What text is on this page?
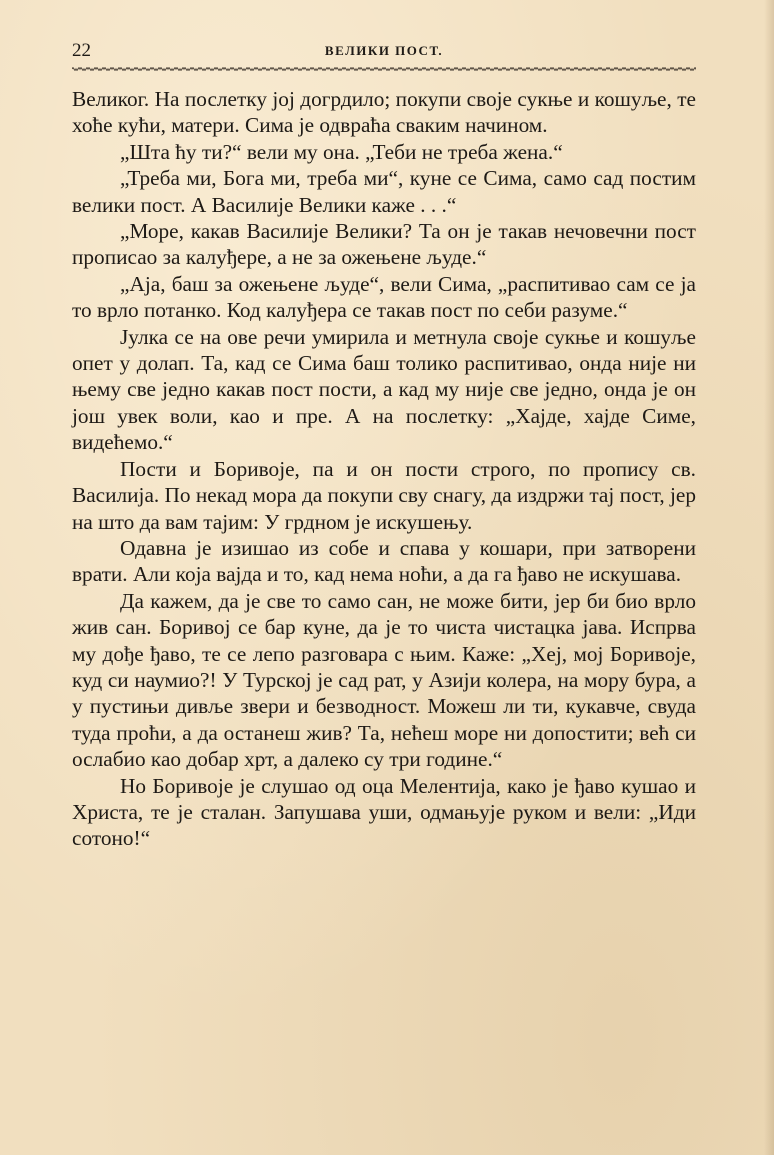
22	ВЕЛИКИ ПОСТ.

Великог. На послетку јој догрдило; покупи своје сукње и кошуље, те хоће кући, матери. Сима је одвраћа сваким начином.

„Шта ћу ти?“ вели му она. „Теби не треба жена.“

„Треба ми, Бога ми, треба ми“, куне се Сима, само сад постим велики пост. А Василије Велики каже . . .“

„Море, какав Василије Велики? Та он је такав нечовечни пост прописао за калуђере, а не за ожењене људе.“

„Аја, баш за ожењене људе“, вели Сима, „распитивао сам се ја то врло потанко. Код калуђера се такав пост по себи разуме.“

Јулка се на ове речи умирила и метнула своје сукње и кошуље опет у долап. Та, кад се Сима баш толико распитивао, онда није ни њему све једно какав пост пости, а кад му није све једно, онда је он још увек воли, као и пре. А на послетку: „Хајде, хајде Симе, видећемо.“

Пости и Боривоје, па и он пости строго, по пропису св. Василија. По некад мора да покупи сву снагу, да издржи тај пост, јер на што да вам тајим: У грдном је искушењу.

Одавна је изишао из собе и спава у кошари, при затворени врати. Али која вајда и то, кад нема ноћи, а да га ђаво не искушава.

Да кажем, да је све то само сан, не може бити, јер би био врло жив сан. Боривој се бар куне, да је то чиста чистацка јава. Испрва му дође ђаво, те се лепо разговара с њим. Каже: „Хеј, мој Боривоје, куд си наумио?! У Турској је сад рат, у Азији колера, на мору бура, а у пустињи дивље звери и безводност. Можеш ли ти, кукавче, свуда туда проћи, а да останеш жив? Та, нећеш море ни допостити; већ си ослабио као добар хрт, а далеко су три године.“

Но Боривоје је слушао од оца Мелентија, како је ђаво кушао и Христа, те је сталан. Запушава уши, одмањује руком и вели: „Иди сотоно!“
